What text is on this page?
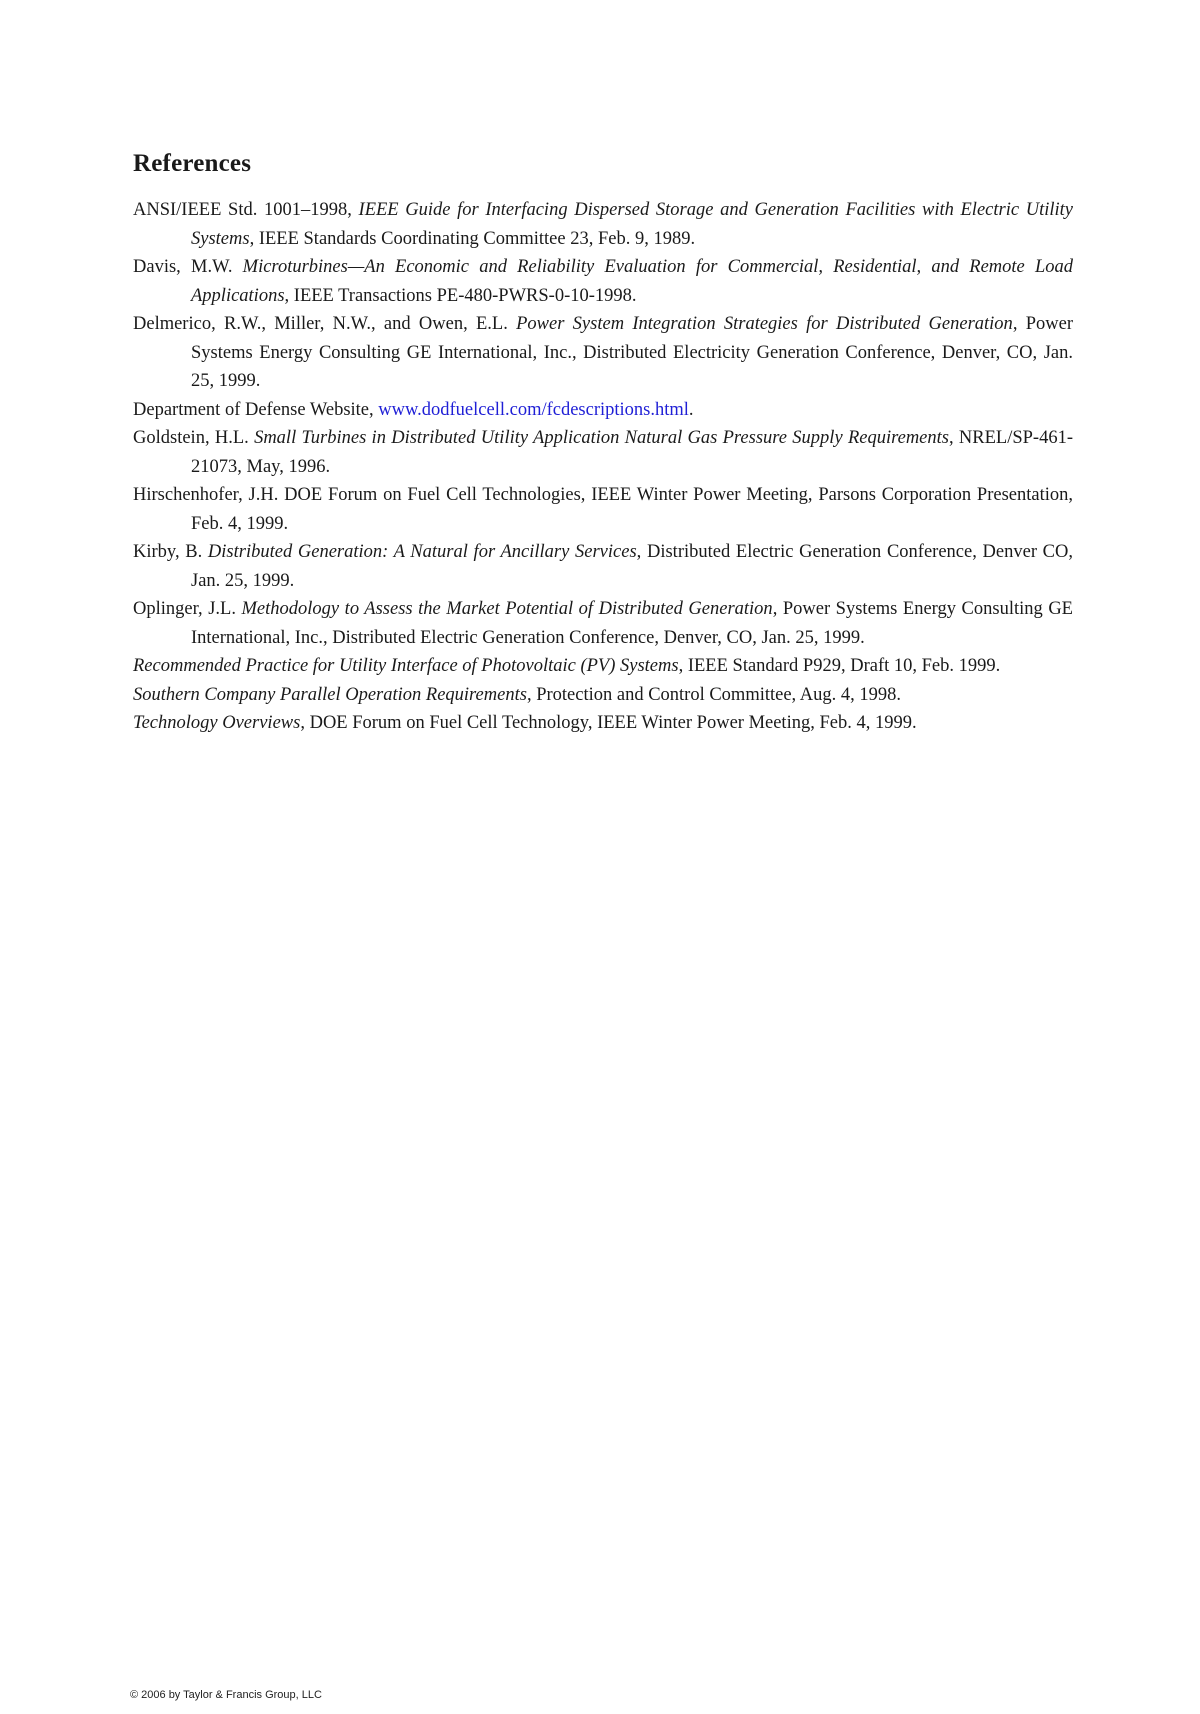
References
ANSI/IEEE Std. 1001–1998, IEEE Guide for Interfacing Dispersed Storage and Generation Facilities with Electric Utility Systems, IEEE Standards Coordinating Committee 23, Feb. 9, 1989.
Davis, M.W. Microturbines—An Economic and Reliability Evaluation for Commercial, Residential, and Remote Load Applications, IEEE Transactions PE-480-PWRS-0-10-1998.
Delmerico, R.W., Miller, N.W., and Owen, E.L. Power System Integration Strategies for Distributed Generation, Power Systems Energy Consulting GE International, Inc., Distributed Electricity Generation Conference, Denver, CO, Jan. 25, 1999.
Department of Defense Website, www.dodfuelcell.com/fcdescriptions.html.
Goldstein, H.L. Small Turbines in Distributed Utility Application Natural Gas Pressure Supply Requirements, NREL/SP-461-21073, May, 1996.
Hirschenhofer, J.H. DOE Forum on Fuel Cell Technologies, IEEE Winter Power Meeting, Parsons Corporation Presentation, Feb. 4, 1999.
Kirby, B. Distributed Generation: A Natural for Ancillary Services, Distributed Electric Generation Conference, Denver CO, Jan. 25, 1999.
Oplinger, J.L. Methodology to Assess the Market Potential of Distributed Generation, Power Systems Energy Consulting GE International, Inc., Distributed Electric Generation Conference, Denver, CO, Jan. 25, 1999.
Recommended Practice for Utility Interface of Photovoltaic (PV) Systems, IEEE Standard P929, Draft 10, Feb. 1999.
Southern Company Parallel Operation Requirements, Protection and Control Committee, Aug. 4, 1998.
Technology Overviews, DOE Forum on Fuel Cell Technology, IEEE Winter Power Meeting, Feb. 4, 1999.
© 2006 by Taylor & Francis Group, LLC
